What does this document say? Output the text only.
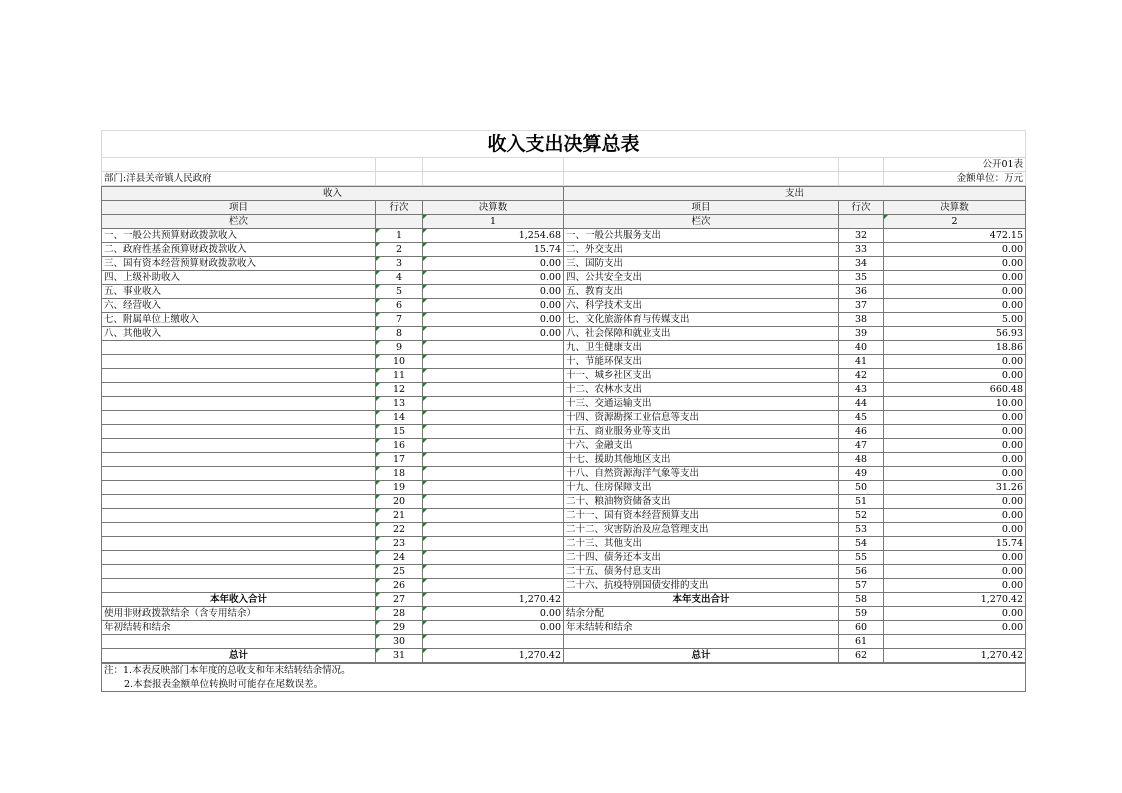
收入支出决算总表					
					公开01表
部门:洋县关帝镇人民政府					金额单位：万元
收入			支出		
项目	行次	决算数	项目	行次	决算数
栏次		1	栏次		2
一、一般公共预算财政拨款收入	1	1,254.68	一、一般公共服务支出	32	472.15
二、政府性基金预算财政拨款收入	2	15.74	二、外交支出	33	0.00
三、国有资本经营预算财政拨款收入	3	0.00	三、国防支出	34	0.00
四、上级补助收入	4	0.00	四、公共安全支出	35	0.00
五、事业收入	5	0.00	五、教育支出	36	0.00
六、经营收入	6	0.00	六、科学技术支出	37	0.00
七、附属单位上缴收入	7	0.00	七、文化旅游体育与传媒支出	38	5.00
八、其他收入	8	0.00	八、社会保障和就业支出	39	56.93
	9		九、卫生健康支出	40	18.86
	10		十、节能环保支出	41	0.00
	11		十一、城乡社区支出	42	0.00
	12		十二、农林水支出	43	660.48
	13		十三、交通运输支出	44	10.00
	14		十四、资源勘探工业信息等支出	45	0.00
	15		十五、商业服务业等支出	46	0.00
	16		十六、金融支出	47	0.00
	17		十七、援助其他地区支出	48	0.00
	18		十八、自然资源海洋气象等支出	49	0.00
	19		十九、住房保障支出	50	31.26
	20		二十、粮油物资储备支出	51	0.00
	21		二十一、国有资本经营预算支出	52	0.00
	22		二十二、灾害防治及应急管理支出	53	0.00
	23		二十三、其他支出	54	15.74
	24		二十四、债务还本支出	55	0.00
	25		二十五、债务付息支出	56	0.00
	26		二十六、抗疫特别国债安排的支出	57	0.00
本年收入合计	27	1,270.42	本年支出合计	58	1,270.42
使用非财政拨款结余（含专用结余）	28	0.00	结余分配	59	0.00
年初结转和结余	29	0.00	年末结转和结余	60	0.00
	30			61	
总计	31	1,270.42	总计	62	1,270.42
注：1.本表反映部门本年度的总收支和年末结转结余情况。
2.本套报表金额单位转换时可能存在尾数误差。
